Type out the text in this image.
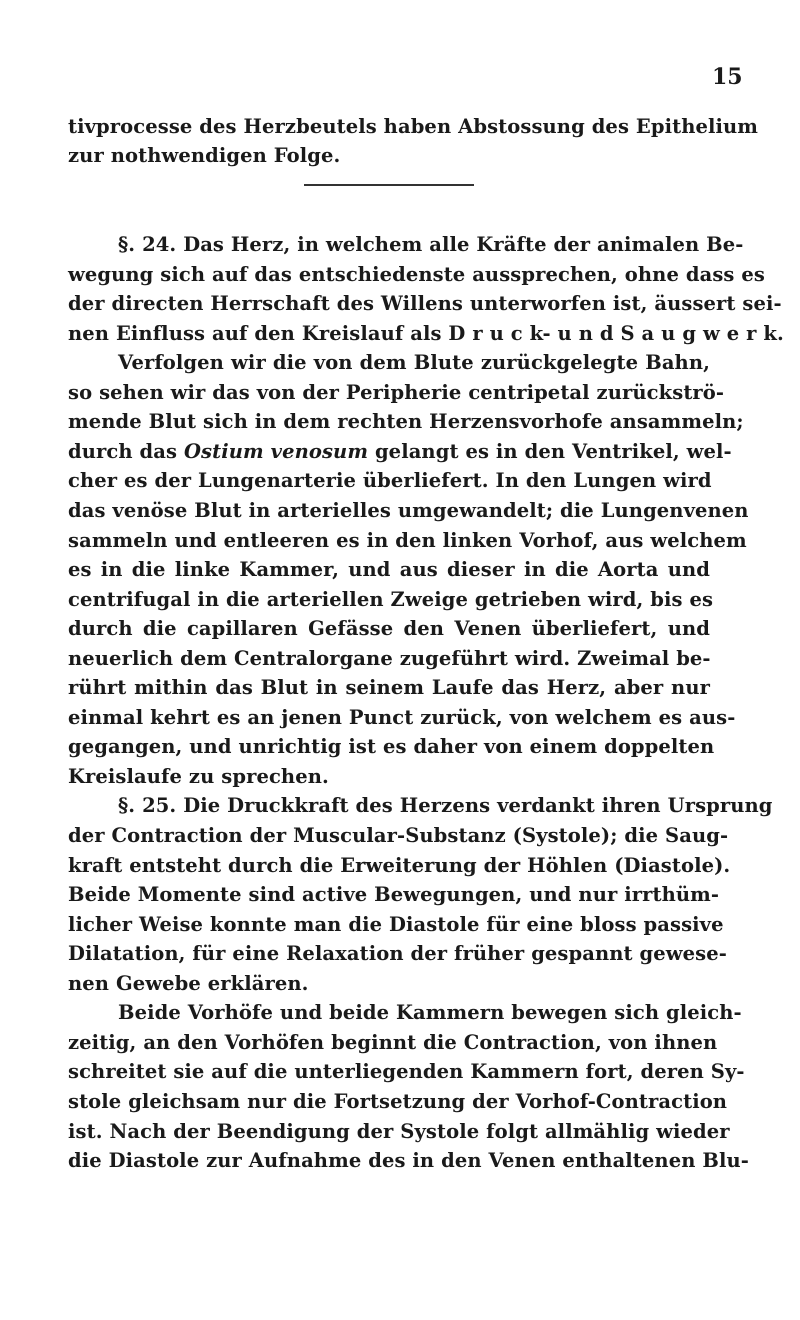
15
tivprocesse des Herzbeutels haben Abstossung des Epithelium
zur nothwendigen Folge.
§. 24. Das Herz, in welchem alle Kräfte der animalen Be-
wegung sich auf das entschiedenste aussprechen, ohne dass es
der directen Herrschaft des Willens unterworfen ist, äussert sei-
nen Einfluss auf den Kreislauf als D r u c k- u n d S a u g w e r k.
Verfolgen wir die von dem Blute zurückgelegte Bahn,
so sehen wir das von der Peripherie centripetal zurückströ-
mende Blut sich in dem rechten Herzensvorhofe ansammeln;
durch das Ostium venosum gelangt es in den Ventrikel, wel-
cher es der Lungenarterie überliefert. In den Lungen wird
das venöse Blut in arterielles umgewandelt; die Lungenvenen
sammeln und entleeren es in den linken Vorhof, aus welchem
es in die linke Kammer, und aus dieser in die Aorta und
centrifugal in die arteriellen Zweige getrieben wird, bis es
durch die capillaren Gefässe den Venen überliefert, und
neuerlich dem Centralorgane zugeführt wird. Zweimal be-
rührt mithin das Blut in seinem Laufe das Herz, aber nur
einmal kehrt es an jenen Punct zurück, von welchem es aus-
gegangen, und unrichtig ist es daher von einem doppelten
Kreislaufe zu sprechen.
§. 25. Die Druckkraft des Herzens verdankt ihren Ursprung
der Contraction der Muscular-Substanz (Systole); die Saug-
kraft entsteht durch die Erweiterung der Höhlen (Diastole).
Beide Momente sind active Bewegungen, und nur irrthüm-
licher Weise konnte man die Diastole für eine bloss passive
Dilatation, für eine Relaxation der früher gespannt gewese-
nen Gewebe erklären.
Beide Vorhöfe und beide Kammern bewegen sich gleich-
zeitig, an den Vorhöfen beginnt die Contraction, von ihnen
schreitet sie auf die unterliegenden Kammern fort, deren Sy-
stole gleichsam nur die Fortsetzung der Vorhof-Contraction
ist. Nach der Beendigung der Systole folgt allmählig wieder
die Diastole zur Aufnahme des in den Venen enthaltenen Blu-
